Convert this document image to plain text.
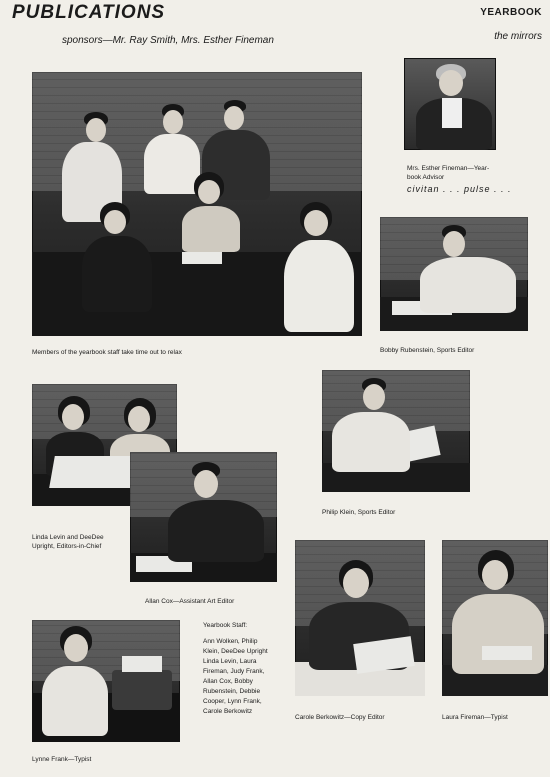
PUBLICATIONS
sponsors—Mr. Ray Smith, Mrs. Esther Fineman
YEARBOOK
the mirrors
Members of the yearbook staff take time out to relax
Mrs. Esther Fineman—Year-
book Advisor
civitan . . . pulse . . .
Bobby Rubenstein, Sports Editor
Linda Levin and DeeDee
Upright, Editors-in-Chief
Allan Cox—Assistant Art Editor
Philip Klein, Sports Editor
Carole Berkowitz—Copy Editor	Laura Fireman—Typist
Lynne Frank—Typist
Yearbook Staff:
Ann Wolken, Philip
Klein, DeeDee Upright
Linda Levin, Laura
Fireman, Judy Frank,
Allan Cox, Bobby
Rubenstein, Debbie
Cooper, Lynn Frank,
Carole Berkowitz
